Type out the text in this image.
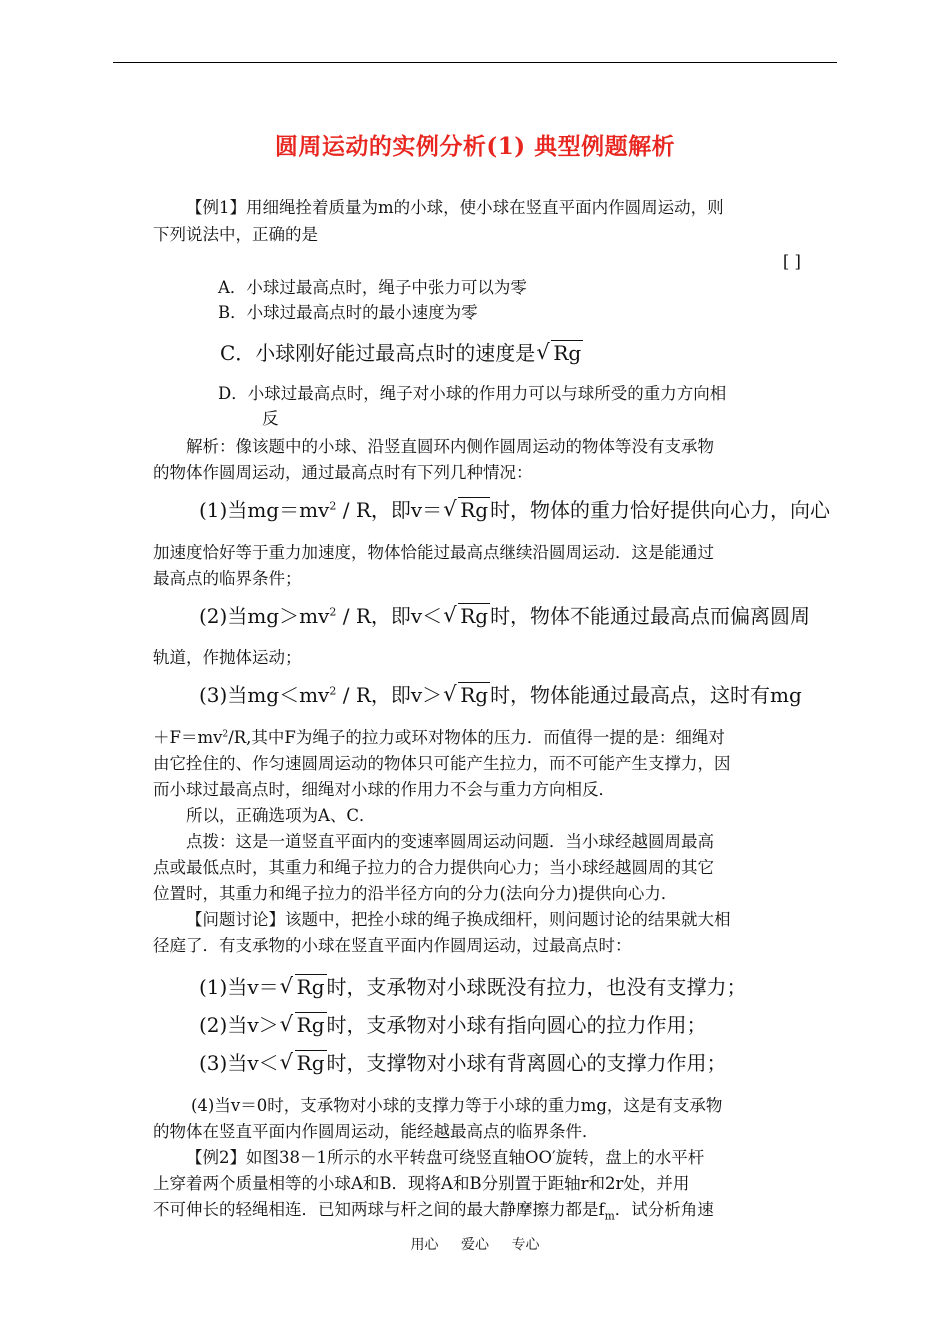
圆周运动的实例分析(1) 典型例题解析
【例1】用细绳拴着质量为m的小球，使小球在竖直平面内作圆周运动，则
下列说法中，正确的是
[ ]
A．小球过最高点时，绳子中张力可以为零
B．小球过最高点时的最小速度为零
C．小球刚好能过最高点时的速度是 √ Rg
D．小球过最高点时，绳子对小球的作用力可以与球所受的重力方向相
反
解析：像该题中的小球、沿竖直圆环内侧作圆周运动的物体等没有支承物
的物体作圆周运动，通过最高点时有下列几种情况：
(1)当$mg=mv^2 / R$，即v＝ √ Rg 时，物体的重力恰好提供向心力，向心
加速度恰好等于重力加速度，物体恰能过最高点继续沿圆周运动．这是能通过
最高点的临界条件；
(2)当$mg>mv^2 / R$，即v＜ √ Rg 时，物体不能通过最高点而偏离圆周
轨道，作抛体运动；
(3)当$mg<mv^2 / R$，即v＞ √ Rg 时，物体能通过最高点，这时有mg
$+F=mv^2/R$,其中F为绳子的拉力或环对物体的压力．而值得一提的是：细绳对
由它拴住的、作匀速圆周运动的物体只可能产生拉力，而不可能产生支撑力，因
而小球过最高点时，细绳对小球的作用力不会与重力方向相反．
所以，正确选项为A、C．
点拨：这是一道竖直平面内的变速率圆周运动问题．当小球经越圆周最高
点或最低点时，其重力和绳子拉力的合力提供向心力；当小球经越圆周的其它
位置时，其重力和绳子拉力的沿半径方向的分力(法向分力)提供向心力．
【问题讨论】该题中，把拴小球的绳子换成细杆，则问题讨论的结果就大相
径庭了．有支承物的小球在竖直平面内作圆周运动，过最高点时：
(1)当v＝ √ Rg 时，支承物对小球既没有拉力，也没有支撑力；
(2)当v＞ √ Rg 时，支承物对小球有指向圆心的拉力作用；
(3)当v＜ √ Rg 时，支撑物对小球有背离圆心的支撑力作用；
(4)当v＝0时，支承物对小球的支撑力等于小球的重力mg，这是有支承物
的物体在竖直平面内作圆周运动，能经越最高点的临界条件．
【例2】如图38－1所示的水平转盘可绕竖直轴OO′旋转，盘上的水平杆
上穿着两个质量相等的小球A和B．现将A和B分别置于距轴r和2r处，并用
不可伸长的轻绳相连．已知两球与杆之间的最大静摩擦力都是$f_m$．试分析角速
用心 爱心 专心
